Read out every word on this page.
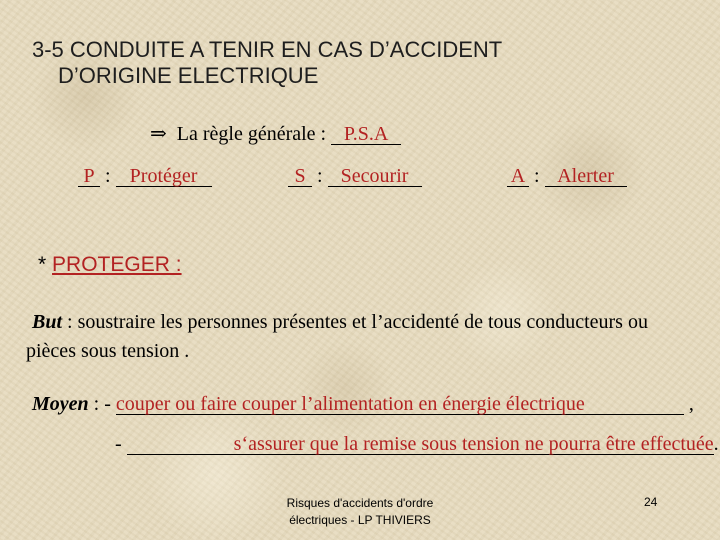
3-5 CONDUITE A TENIR EN CAS D’ACCIDENT
D’ORIGINE ELECTRIQUE
⇒ La règle générale : P.S.A
P : Protéger	S : Secourir	A : Alerter
* PROTEGER :
But : soustraire les personnes présentes et l’accidenté de tous conducteurs ou pièces sous tension .
Moyen : - couper ou faire couper l’alimentation en énergie électrique	,
-	s‘assurer que la remise sous tension ne pourra être effectuée.
Risques d'accidents d'ordre électriques - LP THIVIERS
24
